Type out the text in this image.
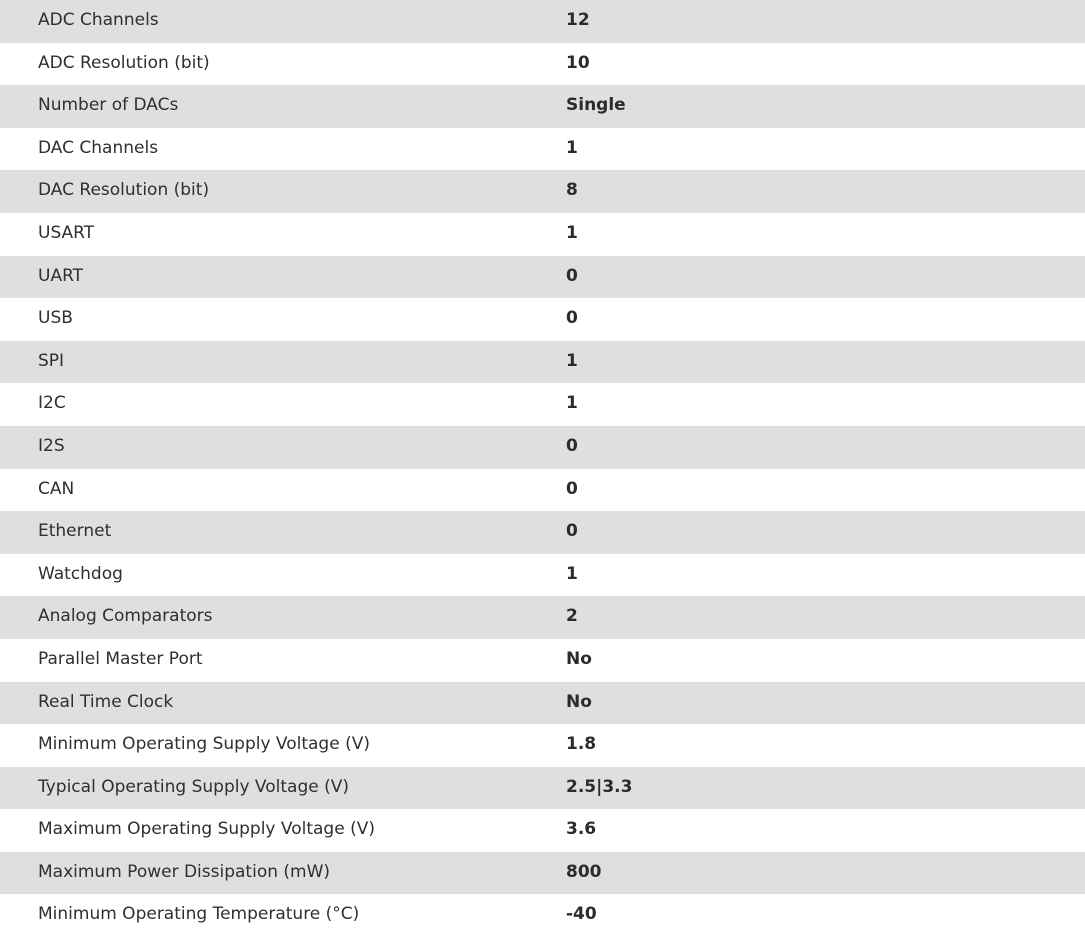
ADC Channels	12
ADC Resolution (bit)	10
Number of DACs	Single
DAC Channels	1
DAC Resolution (bit)	8
USART	1
UART	0
USB	0
SPI	1
I2C	1
I2S	0
CAN	0
Ethernet	0
Watchdog	1
Analog Comparators	2
Parallel Master Port	No
Real Time Clock	No
Minimum Operating Supply Voltage (V)	1.8
Typical Operating Supply Voltage (V)	2.5|3.3
Maximum Operating Supply Voltage (V)	3.6
Maximum Power Dissipation (mW)	800
Minimum Operating Temperature (°C)	-40
